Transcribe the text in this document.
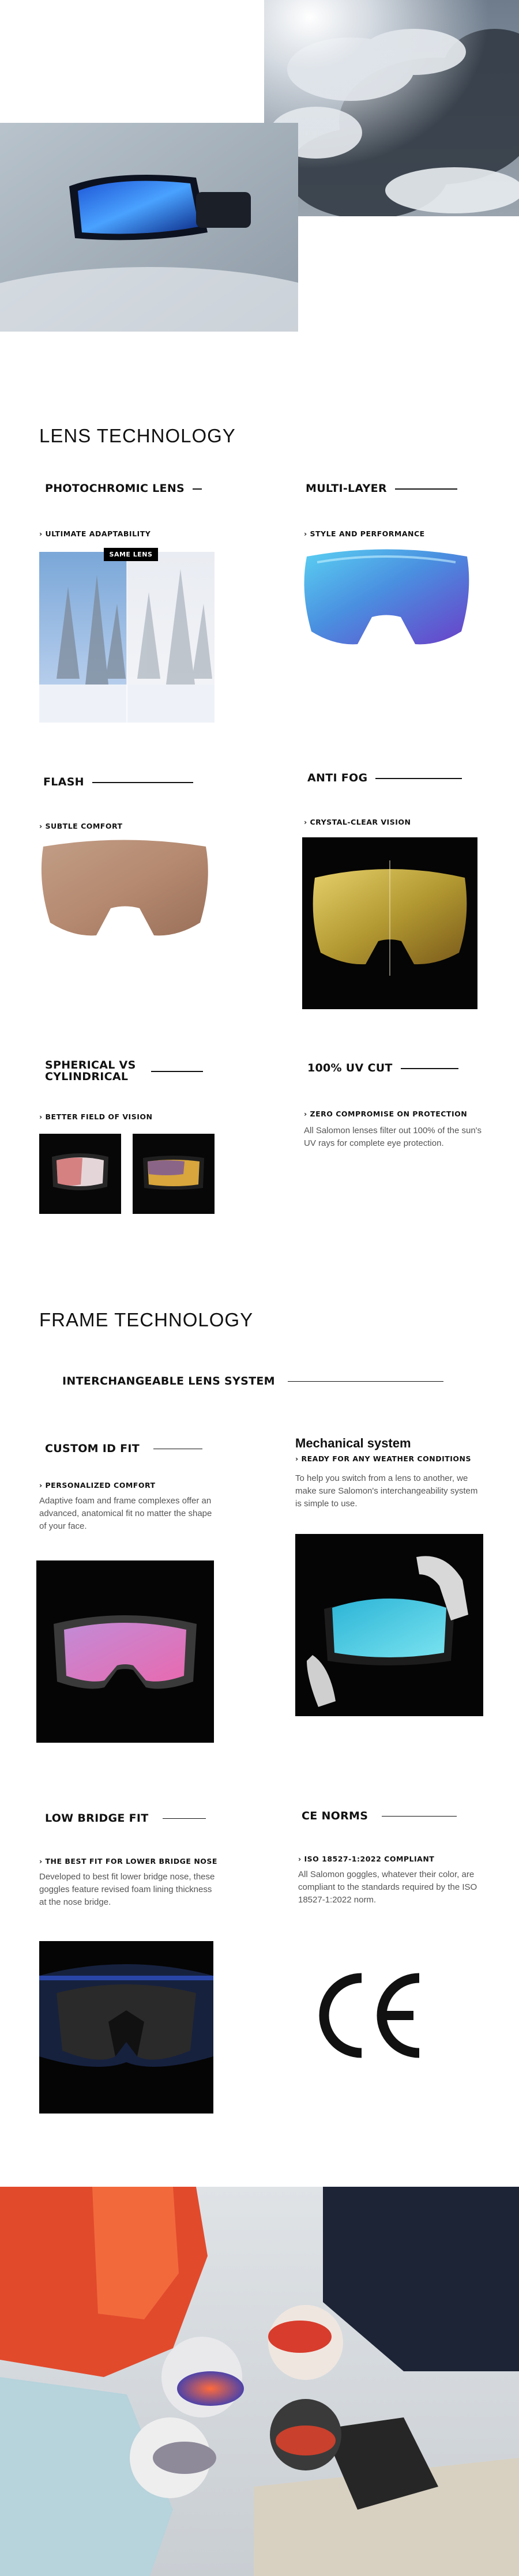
LENS TECHNOLOGY
PHOTOCHROMIC LENS
› ULTIMATE ADAPTABILITY
SAME LENS
MULTI-LAYER
› STYLE AND PERFORMANCE
FLASH
› SUBTLE COMFORT
ANTI FOG
› CRYSTAL-CLEAR VISION
SPHERICAL VS CYLINDRICAL
› BETTER FIELD OF VISION
100% UV CUT
› ZERO COMPROMISE ON PROTECTION
All Salomon lenses filter out 100% of the sun's UV rays for complete eye protection.
FRAME TECHNOLOGY
INTERCHANGEABLE LENS SYSTEM
CUSTOM ID FIT
› PERSONALIZED COMFORT
Adaptive foam and frame complexes offer an advanced, anatomical fit no matter the shape of your face.
Mechanical system
› READY FOR ANY WEATHER CONDITIONS
To help you switch from a lens to another, we make sure Salomon's interchangeability system is simple to use.
LOW BRIDGE FIT
› THE BEST FIT FOR LOWER BRIDGE NOSE
Developed to best fit lower bridge nose, these goggles feature revised foam lining thickness at the nose bridge.
CE NORMS
› ISO 18527-1:2022 COMPLIANT
All Salomon goggles, whatever their color, are compliant to the standards required by the ISO 18527-1:2022 norm.
